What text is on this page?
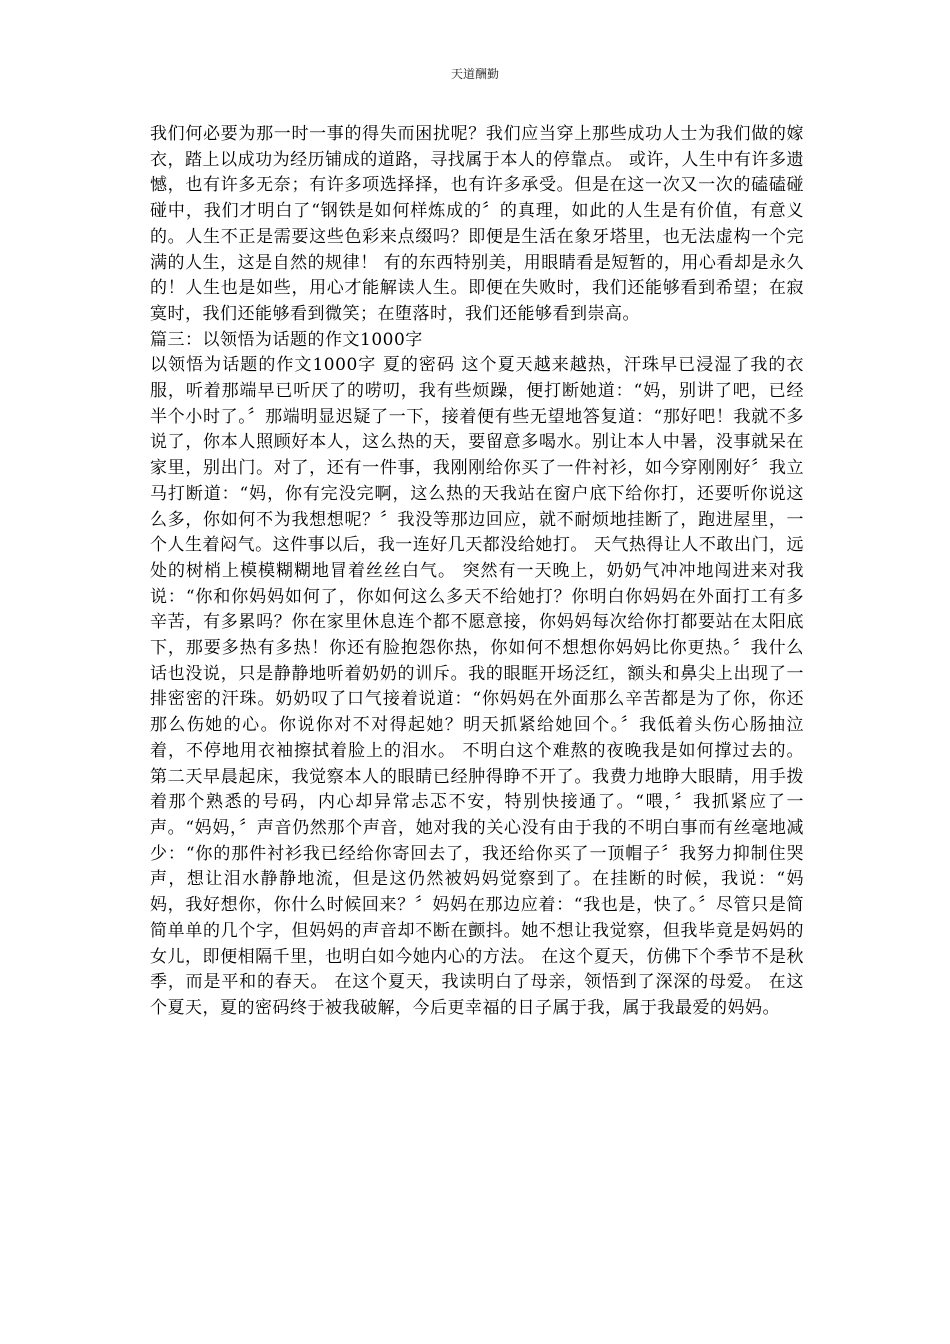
天道酬勤

我们何必要为那一时一事的得失而困扰呢？我们应当穿上那些成功人士为我们做的嫁衣，踏上以成功为经历铺成的道路，寻找属于本人的停靠点。 或许，人生中有许多遗憾，也有许多无奈；有许多项选择择，也有许多承受。但是在这一次又一次的磕磕碰碰中，我们才明白了“钢铁是如何样炼成的〞的真理，如此的人生是有价值，有意义的。人生不正是需要这些色彩来点缀吗？即便是生活在象牙塔里，也无法虚构一个完满的人生，这是自然的规律！ 有的东西特别美，用眼睛看是短暂的，用心看却是永久的！人生也是如些，用心才能解读人生。即便在失败时，我们还能够看到希望；在寂寞时，我们还能够看到微笑；在堕落时，我们还能够看到崇高。

篇三：以领悟为话题的作文1000字

以领悟为话题的作文1000字 夏的密码 这个夏天越来越热，汗珠早已浸湿了我的衣服，听着那端早已听厌了的唠叨，我有些烦躁，便打断她道：“妈，别讲了吧，已经半个小时了。〞那端明显迟疑了一下，接着便有些无望地答复道：“那好吧！我就不多说了，你本人照顾好本人，这么热的天，要留意多喝水。别让本人中暑，没事就呆在家里，别出门。对了，还有一件事，我刚刚给你买了一件衬衫，如今穿刚刚好〞我立马打断道：“妈，你有完没完啊，这么热的天我站在窗户底下给你打，还要听你说这么多，你如何不为我想想呢？〞我没等那边回应，就不耐烦地挂断了，跑进屋里，一个人生着闷气。这件事以后，我一连好几天都没给她打。 天气热得让人不敢出门，远处的树梢上模模糊糊地冒着丝丝白气。 突然有一天晚上，奶奶气冲冲地闯进来对我说：“你和你妈妈如何了，你如何这么多天不给她打？你明白你妈妈在外面打工有多辛苦，有多累吗？你在家里休息连个都不愿意接，你妈妈每次给你打都要站在太阳底下，那要多热有多热！你还有脸抱怨你热，你如何不想想你妈妈比你更热。〞我什么话也没说，只是静静地听着奶奶的训斥。我的眼眶开场泛红，额头和鼻尖上出现了一排密密的汗珠。奶奶叹了口气接着说道：“你妈妈在外面那么辛苦都是为了你，你还那么伤她的心。你说你对不对得起她？明天抓紧给她回个。〞我低着头伤心肠抽泣着，不停地用衣袖擦拭着脸上的泪水。 不明白这个难熬的夜晚我是如何撑过去的。 第二天早晨起床，我觉察本人的眼睛已经肿得睁不开了。我费力地睁大眼睛，用手拨着那个熟悉的号码，内心却异常忐忑不安，特别快接通了。“喂，〞我抓紧应了一声。“妈妈，〞声音仍然那个声音，她对我的关心没有由于我的不明白事而有丝毫地减少：“你的那件衬衫我已经给你寄回去了，我还给你买了一顶帽子〞我努力抑制住哭声，想让泪水静静地流，但是这仍然被妈妈觉察到了。在挂断的时候，我说：“妈妈，我好想你，你什么时候回来？〞妈妈在那边应着：“我也是，快了。〞尽管只是简简单单的几个字，但妈妈的声音却不断在颤抖。她不想让我觉察，但我毕竟是妈妈的女儿，即便相隔千里，也明白如今她内心的方法。 在这个夏天，仿佛下个季节不是秋季，而是平和的春天。 在这个夏天，我读明白了母亲，领悟到了深深的母爱。 在这个夏天，夏的密码终于被我破解，今后更幸福的日子属于我，属于我最爱的妈妈。
